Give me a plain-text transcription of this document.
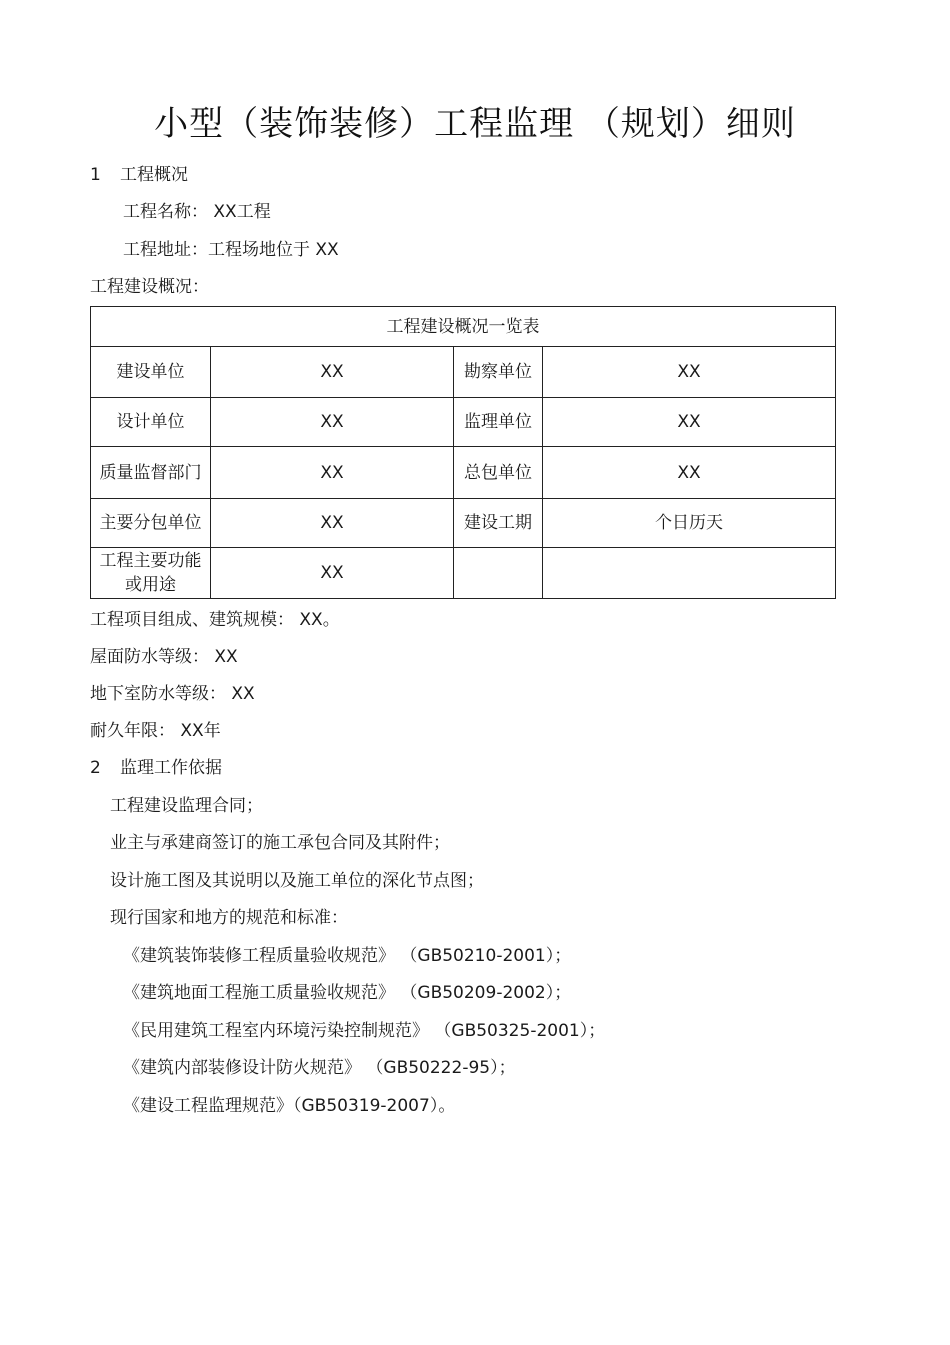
小型（装饰装修）工程监理 （规划）细则
1 工程概况
工程名称： XX工程
工程地址：工程场地位于 XX
工程建设概况：
工程建设概况一览表			
建设单位	XX	勘察单位	XX
设计单位	XX	监理单位	XX
质量监督部门	XX	总包单位	XX
主要分包单位	XX	建设工期	个日历天
工程主要功能或用途	XX		
工程项目组成、建筑规模： XX。
屋面防水等级： XX
地下室防水等级： XX
耐久年限： XX年
2 监理工作依据
工程建设监理合同；
业主与承建商签订的施工承包合同及其附件；
设计施工图及其说明以及施工单位的深化节点图；
现行国家和地方的规范和标准：
《建筑装饰装修工程质量验收规范》 （GB50210-2001）；
《建筑地面工程施工质量验收规范》 （GB50209-2002）；
《民用建筑工程室内环境污染控制规范》 （GB50325-2001）；
《建筑内部装修设计防火规范》 （GB50222-95）；
《建设工程监理规范》（GB50319-2007）。
